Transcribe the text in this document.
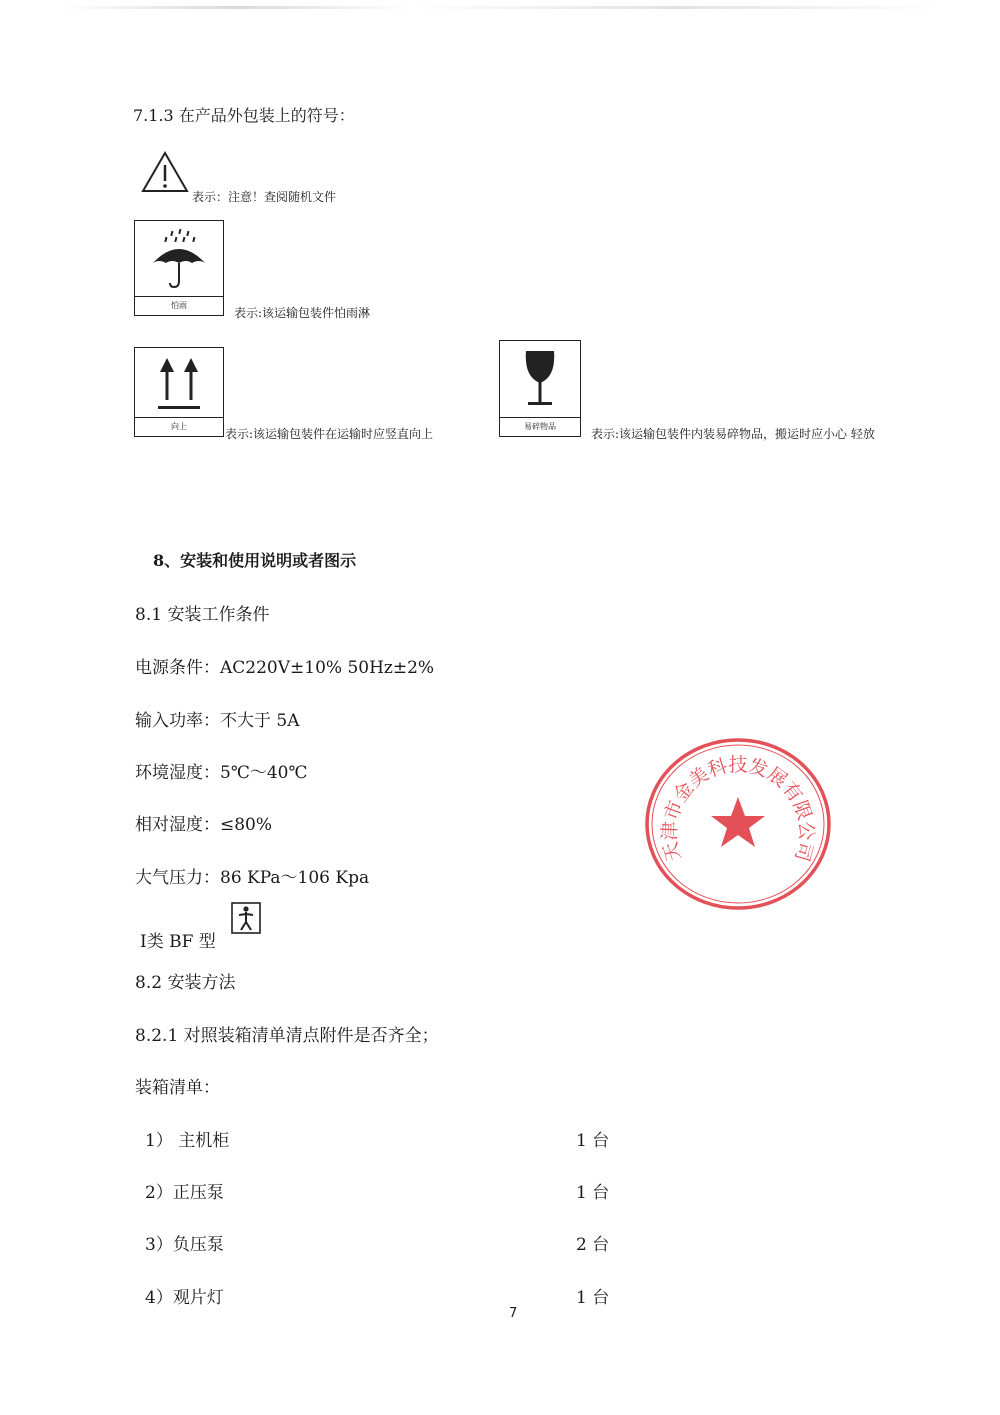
7.1.3 在产品外包装上的符号：
表示：注意！查阅随机文件
怕雨
表示:该运输包装件怕雨淋
向上
表示:该运输包装件在运输时应竖直向上
易碎物品
表示:该运输包装件内装易碎物品，搬运时应小心 轻放
8、安装和使用说明或者图示
8.1 安装工作条件
电源条件：AC220V±10% 50Hz±2%
输入功率：不大于 5A
环境湿度：5℃～40℃
相对湿度：≤80%
大气压力：86 KPa～106 Kpa
Ⅰ类 BF 型
8.2 安装方法
8.2.1 对照装箱清单清点附件是否齐全；
装箱清单：
1） 主机柜	1 台
2）正压泵	1 台
3）负压泵	2 台
4）观片灯	1 台
天津市金美科技发展有限公司
7
